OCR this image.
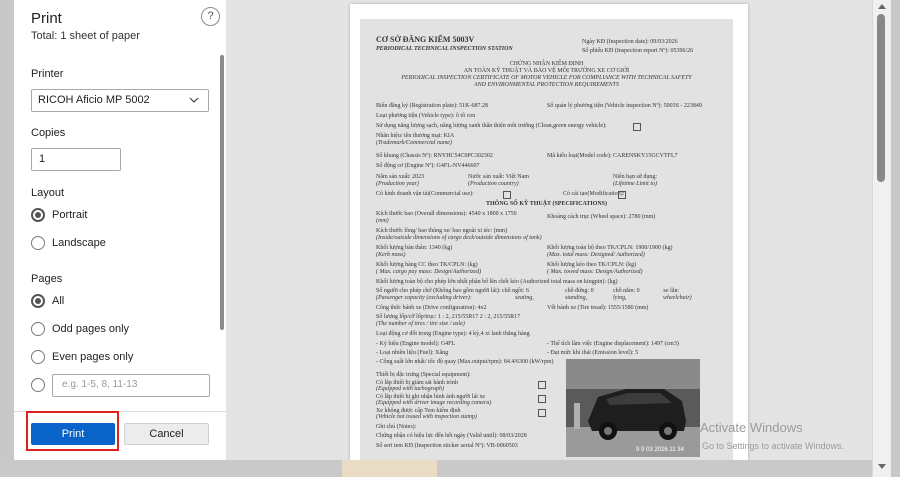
Print
Total: 1 sheet of paper
?
Printer
RICOH Aficio MP 5002
Copies
1
Layout
Portrait
Landscape
Pages
All
Odd pages only
Even pages only
e.g. 1-5, 8, 11-13
Print	Cancel
CƠ SỞ ĐĂNG KIỂM 5003V
PERIODICAL TECHNICAL INSPECTION STATION
Ngày KĐ (Inspection date): 09/03/2026
Số phiếu KĐ (Inspection report Nº): 05396/26
CHỨNG NHẬN KIỂM ĐỊNH
AN TOÀN KỸ THUẬT VÀ BẢO VỆ MÔI TRƯỜNG XE CƠ GIỚI
PERIODICAL INSPECTION CERTIFICATE OF MOTOR VEHICLE FOR COMPLIANCE WITH TECHNICAL SAFETY
AND ENVIRONMENTAL PROTECTION REQUIREMENTS
Biển đăng ký (Registration plate): 51K-687.28	Số quản lý phương tiện (Vehicle inspection Nº): 5003S - 223849
Loại phương tiện (Vehicle type): ô tô con
Sử dụng năng lượng sạch, năng lượng xanh thân thiện môi trường (Clean,green energy vehicle):
Nhãn hiệu/ tên thương mại: KIA
(Trademark/Commercial name)
Số khung (Chassis Nº): RNYHC54C0PC302302	Mã kiểu loại(Model code): CARENSKY15GCVTFL7
Số động cơ (Engine Nº): G4FL-NV446607
Năm sản xuất: 2023	Nước sản xuất: Việt Nam	Niên hạn sử dụng:
(Production year)	(Production country)	(Lifetime Limit to)
Có kinh doanh vận tải(Commercial use):	Có cải tạo(Modification):
THÔNG SỐ KỸ THUẬT (SPECIFICATIONS)
Kích thước bao (Overall dimensions): 4540 x 1800 x 1750
(mm)
Khoảng cách trục (Wheel space): 2780 (mm)
Kích thước lòng/ bao thùng xe/ bao ngoài xi téc: (mm)
(Inside/outside dimensions of cargo deck/outside dimensions of tank)
Khối lượng bản thân: 1340 (kg)	Khối lượng toàn bộ theo TK/CPLN: 1900/1900 (kg)
(Kerb mass)	(Max. total mass: Designed/ Authorized)
Khối lượng hàng CC theo TK/CPLN: (kg)	Khối lượng kéo theo TK/CPLN: (kg)
( Max. cargo pay mass: Design/Authorized)	( Max. towed mass: Design/Authorized)
Khối lượng toàn bộ cho phép lớn nhất phân bổ lên chốt kéo (Authorized total mass on kingpin): (kg)
Số người cho phép chở (Không bao gồm người lái): chỗ ngồi: 6	chỗ đứng: 0	chỗ nằm: 0	xe lăn:
(Passenger capacity (excluding driver):	seating,	standing,	lying,	wheelchair)
Công thức bánh xe (Drive configuration): 4x2	Vết bánh xe (Tire tread): 1555/1580 (mm)
Số lượng lốp/cỡ lốp/trục: 1 : 2, 215/55R17 2 : 2, 215/55R17
(The number of tires / tire size / axle)
Loại động cơ đốt trong (Engine type): 4 kỳ,4 xi lanh thẳng hàng
- Ký hiệu (Engine model): G4FL	- Thể tích làm việc (Engine displacement): 1497 (cm3)
- Loại nhiên liệu (Fuel): Xăng	- Đạt mức khí thải (Emission level): 5
- Công suất lớn nhất/ tốc độ quay (Max.output/rpm): 84.4/6300 (kW/rpm)
Thiết bị đặc trưng (Special equipment):
Có lắp thiết bị giám sát hành trình
(Equipped with tachograph)
Có lắp thiết bị ghi nhận hình ảnh người lái xe
(Equipped with driver image recording camera)
Xe không được cấp Tem kiểm định
(Vehicle not issued with inspection stamp)
Ghi chú (Notes):
Chứng nhận có hiệu lực đến hết ngày (Valid until): 08/03/2028
Số seri tem KĐ (Inspection sticker serial Nº): VB-0060503
9 9 03 2026 11 34
Activate Windows
Go to Settings to activate Windows.
